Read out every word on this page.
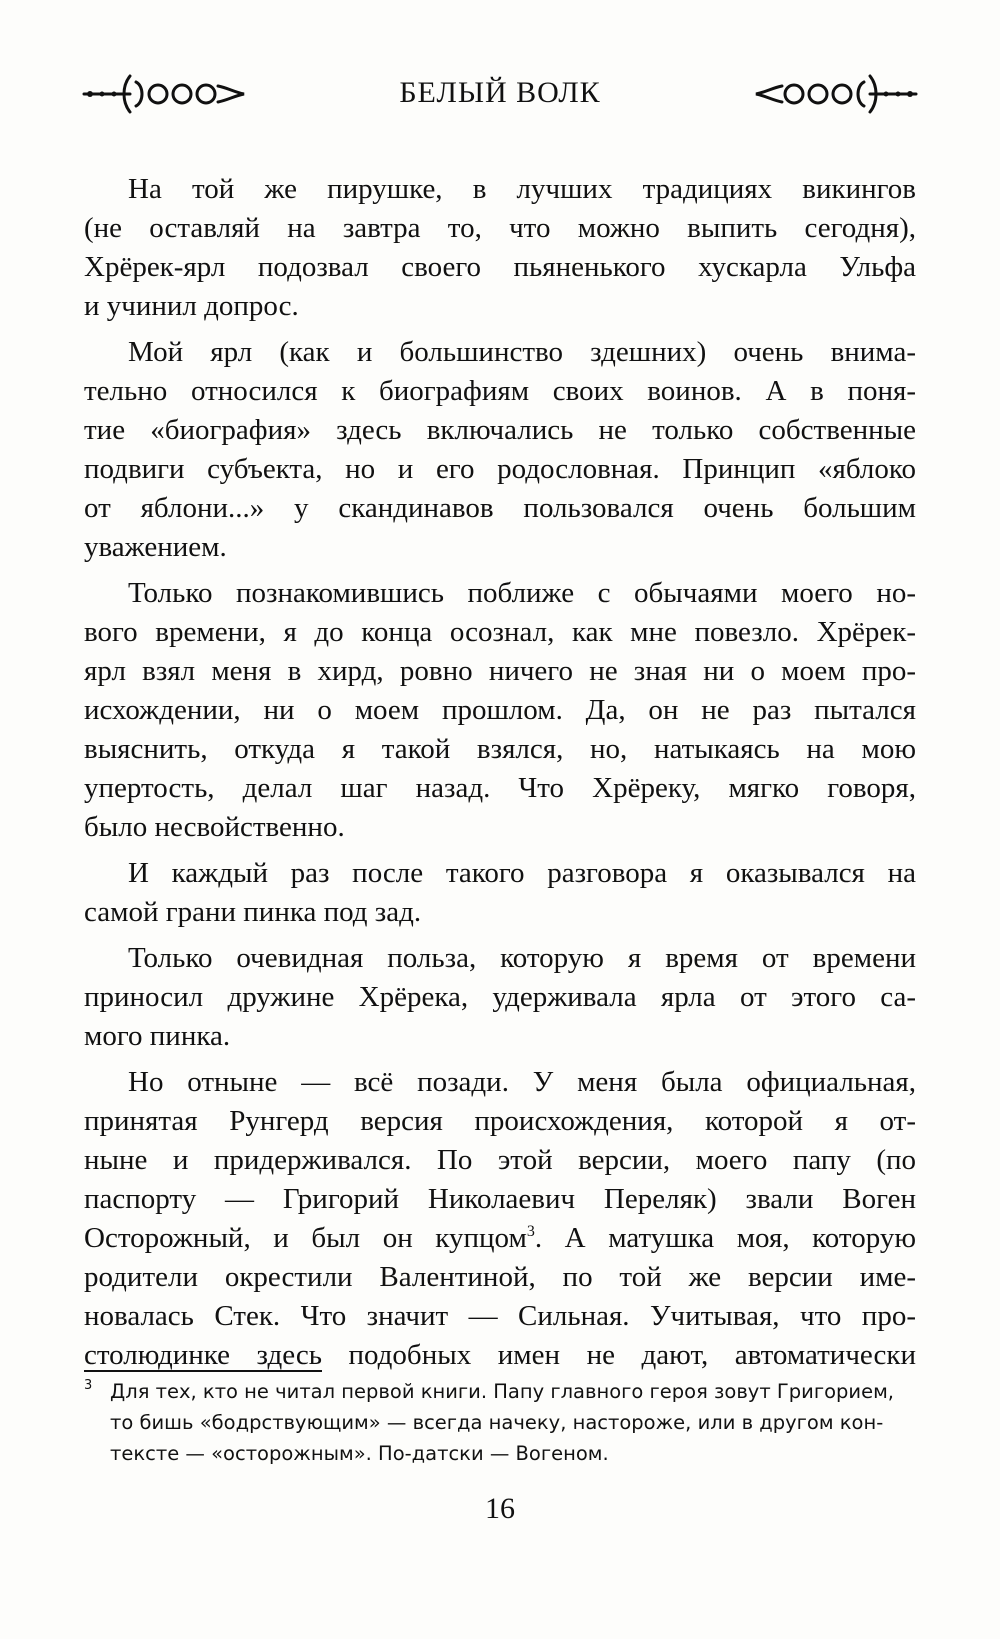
БЕЛЫЙ ВОЛК
На той же пирушке, в лучших традициях викингов
(не оставляй на завтра то, что можно выпить сегодня),
Хрёрек-ярл подозвал своего пьяненького хускарла Ульфа
и учинил допрос.
Мой ярл (как и большинство здешних) очень внима-
тельно относился к биографиям своих воинов. А в поня-
тие «биография» здесь включались не только собственные
подвиги субъекта, но и его родословная. Принцип «яблоко
от яблони...» у скандинавов пользовался очень большим
уважением.
Только познакомившись поближе с обычаями моего но-
вого времени, я до конца осознал, как мне повезло. Хрёрек-
ярл взял меня в хирд, ровно ничего не зная ни о моем про-
исхождении, ни о моем прошлом. Да, он не раз пытался
выяснить, откуда я такой взялся, но, натыкаясь на мою
упертость, делал шаг назад. Что Хрёреку, мягко говоря,
было несвойственно.
И каждый раз после такого разговора я оказывался на
самой грани пинка под зад.
Только очевидная польза, которую я время от времени
приносил дружине Хрёрека, удерживала ярла от этого са-
мого пинка.
Но отныне — всё позади. У меня была официальная,
принятая Рунгерд версия происхождения, которой я от-
ныне и придерживался. По этой версии, моего папу (по
паспорту — Григорий Николаевич Переляк) звали Воген
Осторожный, и был он купцом$^3$. А матушка моя, которую
родители окрестили Валентиной, по той же версии име-
новалась Стек. Что значит — Сильная. Учитывая, что про-
столюдинке здесь подобных имен не дают, автоматически
3 Для тех, кто не читал первой книги. Папу главного героя зовут Григорием,
то бишь «бодрствующим» — всегда начеку, настороже, или в другом кон-
тексте — «осторожным». По-датски — Вогеном.
16
